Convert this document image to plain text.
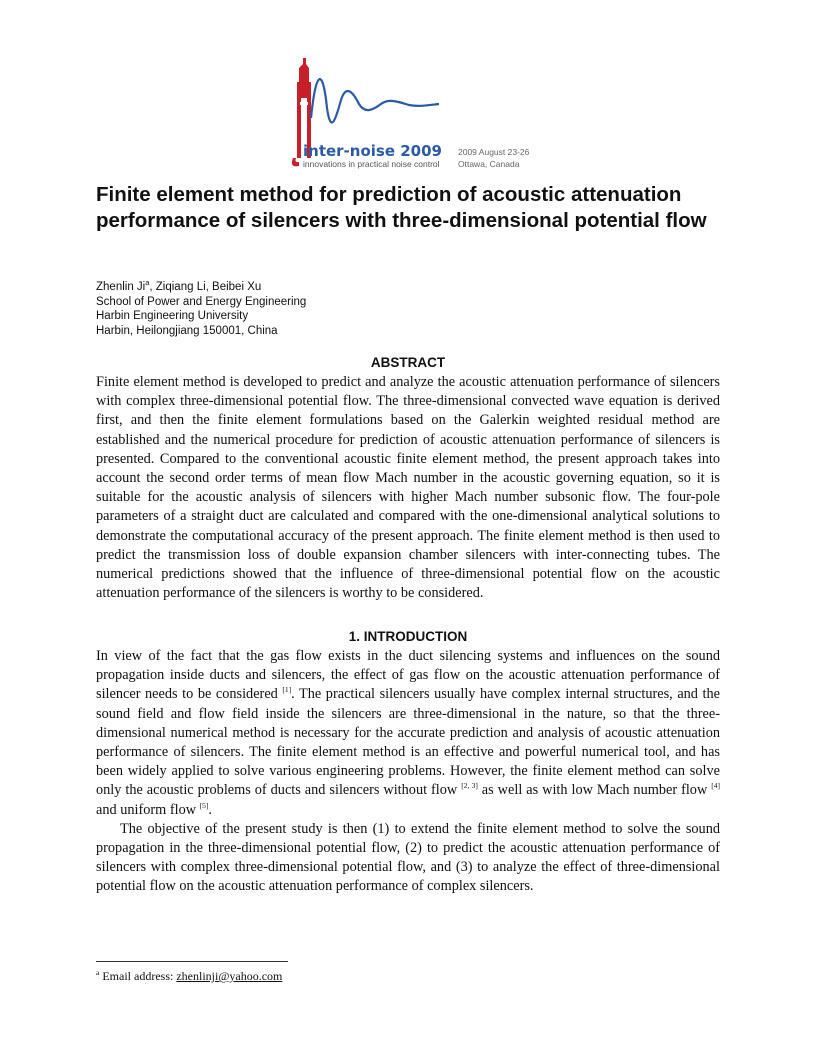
inter-noise 2009
innovations in practical noise control
2009 August 23-26
Ottawa, Canada
Finite element method for prediction of acoustic attenuation performance of silencers with three-dimensional potential flow
Zhenlin Ji$^a$, Ziqiang Li, Beibei Xu
School of Power and Energy Engineering
Harbin Engineering University
Harbin, Heilongjiang 150001, China
ABSTRACT

Finite element method is developed to predict and analyze the acoustic attenuation performance of silencers with complex three-dimensional potential flow. The three-dimensional convected wave equation is derived first, and then the finite element formulations based on the Galerkin weighted residual method are established and the numerical procedure for prediction of acoustic attenuation performance of silencers is presented. Compared to the conventional acoustic finite element method, the present approach takes into account the second order terms of mean flow Mach number in the acoustic governing equation, so it is suitable for the acoustic analysis of silencers with higher Mach number subsonic flow. The four-pole parameters of a straight duct are calculated and compared with the one-dimensional analytical solutions to demonstrate the computational accuracy of the present approach. The finite element method is then used to predict the transmission loss of double expansion chamber silencers with inter-connecting tubes. The numerical predictions showed that the influence of three-dimensional potential flow on the acoustic attenuation performance of the silencers is worthy to be considered.

1. INTRODUCTION

In view of the fact that the gas flow exists in the duct silencing systems and influences on the sound propagation inside ducts and silencers, the effect of gas flow on the acoustic attenuation performance of silencer needs to be considered [1]. The practical silencers usually have complex internal structures, and the sound field and flow field inside the silencers are three-dimensional in the nature, so that the three-dimensional numerical method is necessary for the accurate prediction and analysis of acoustic attenuation performance of silencers. The finite element method is an effective and powerful numerical tool, and has been widely applied to solve various engineering problems. However, the finite element method can solve only the acoustic problems of ducts and silencers without flow [2, 3] as well as with low Mach number flow [4] and uniform flow [5].

The objective of the present study is then (1) to extend the finite element method to solve the sound propagation in the three-dimensional potential flow, (2) to predict the acoustic attenuation performance of silencers with complex three-dimensional potential flow, and (3) to analyze the effect of three-dimensional potential flow on the acoustic attenuation performance of complex silencers.

$^a$ Email address: zhenlinji@yahoo.com
